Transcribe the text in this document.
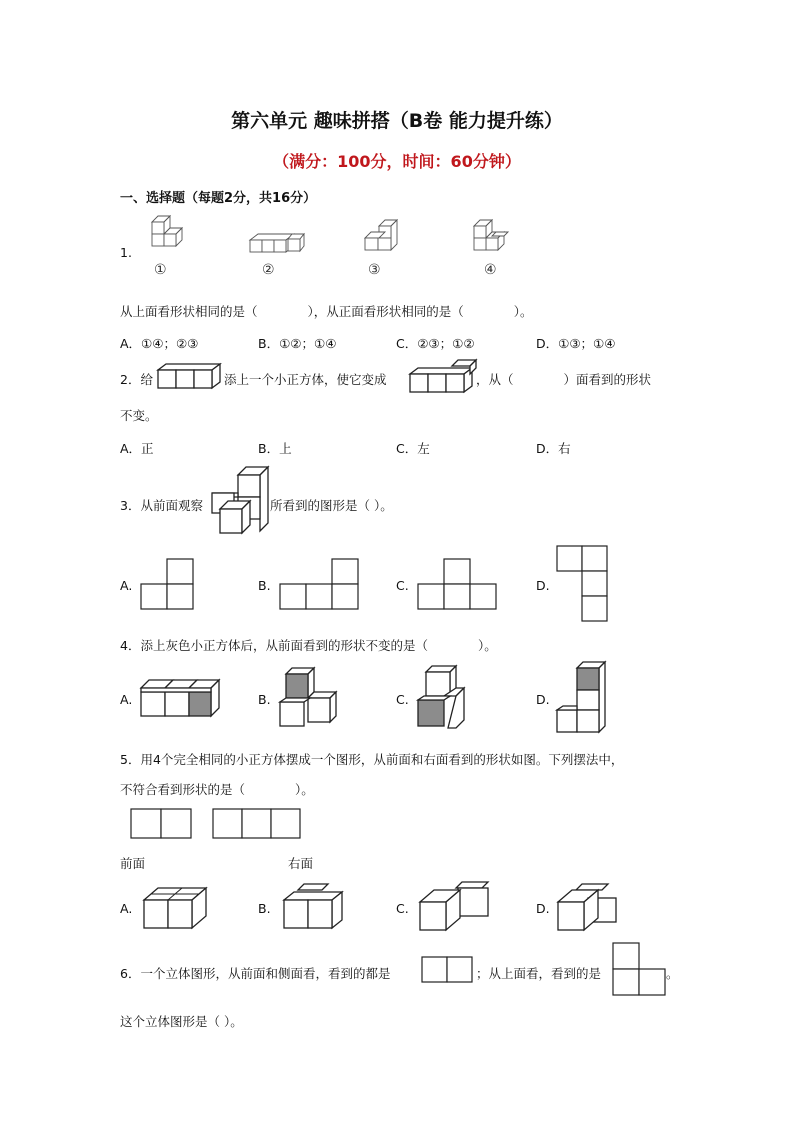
第六单元 趣味拼搭（B卷 能力提升练）
（满分：100分，时间：60分钟）
一、选择题（每题2分，共16分）
1.
①	②	③	④
从上面看形状相同的是（　　　　），从正面看形状相同的是（　　　　）。
A．①④；②③	B．①②；①④	C．②③；①②	D．①③；①④
2．给	添上一个小正方体，使它变成	，从（　　　　）面看到的形状
不变。
A．正	B．上	C．左	D．右
3．从前面观察	所看到的图形是（ ）。
A.	B.	C.	D.
4．添上灰色小正方体后，从前面看到的形状不变的是（　　　　）。
A.	B.	C.	D.
5．用4个完全相同的小正方体摆成一个图形，从前面和右面看到的形状如图。下列摆法中，
不符合看到形状的是（　　　　）。
前面	右面
A.	B.	C.	D.
6．一个立体图形，从前面和侧面看，看到的都是	；从上面看，看到的是	。
这个立体图形是（ ）。
